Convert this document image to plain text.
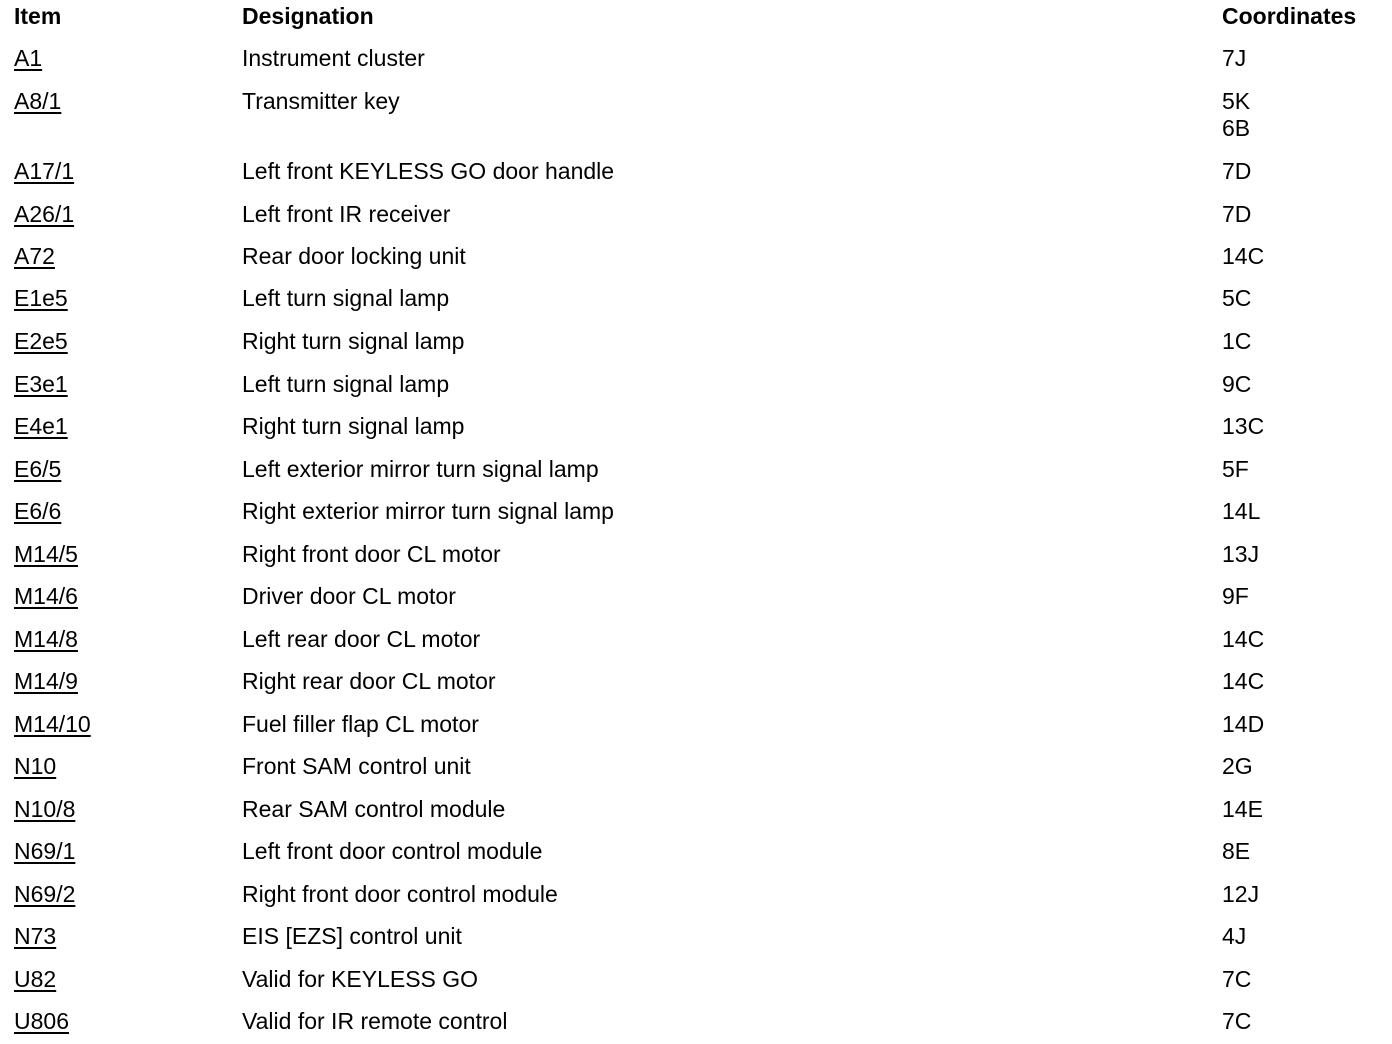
Item	Designation	Coordinates
A1	Instrument cluster	7J
A8/1	Transmitter key	5K
6B
A17/1	Left front KEYLESS GO door handle	7D
A26/1	Left front IR receiver	7D
A72	Rear door locking unit	14C
E1e5	Left turn signal lamp	5C
E2e5	Right turn signal lamp	1C
E3e1	Left turn signal lamp	9C
E4e1	Right turn signal lamp	13C
E6/5	Left exterior mirror turn signal lamp	5F
E6/6	Right exterior mirror turn signal lamp	14L
M14/5	Right front door CL motor	13J
M14/6	Driver door CL motor	9F
M14/8	Left rear door CL motor	14C
M14/9	Right rear door CL motor	14C
M14/10	Fuel filler flap CL motor	14D
N10	Front SAM control unit	2G
N10/8	Rear SAM control module	14E
N69/1	Left front door control module	8E
N69/2	Right front door control module	12J
N73	EIS [EZS] control unit	4J
U82	Valid for KEYLESS GO	7C
U806	Valid for IR remote control	7C
